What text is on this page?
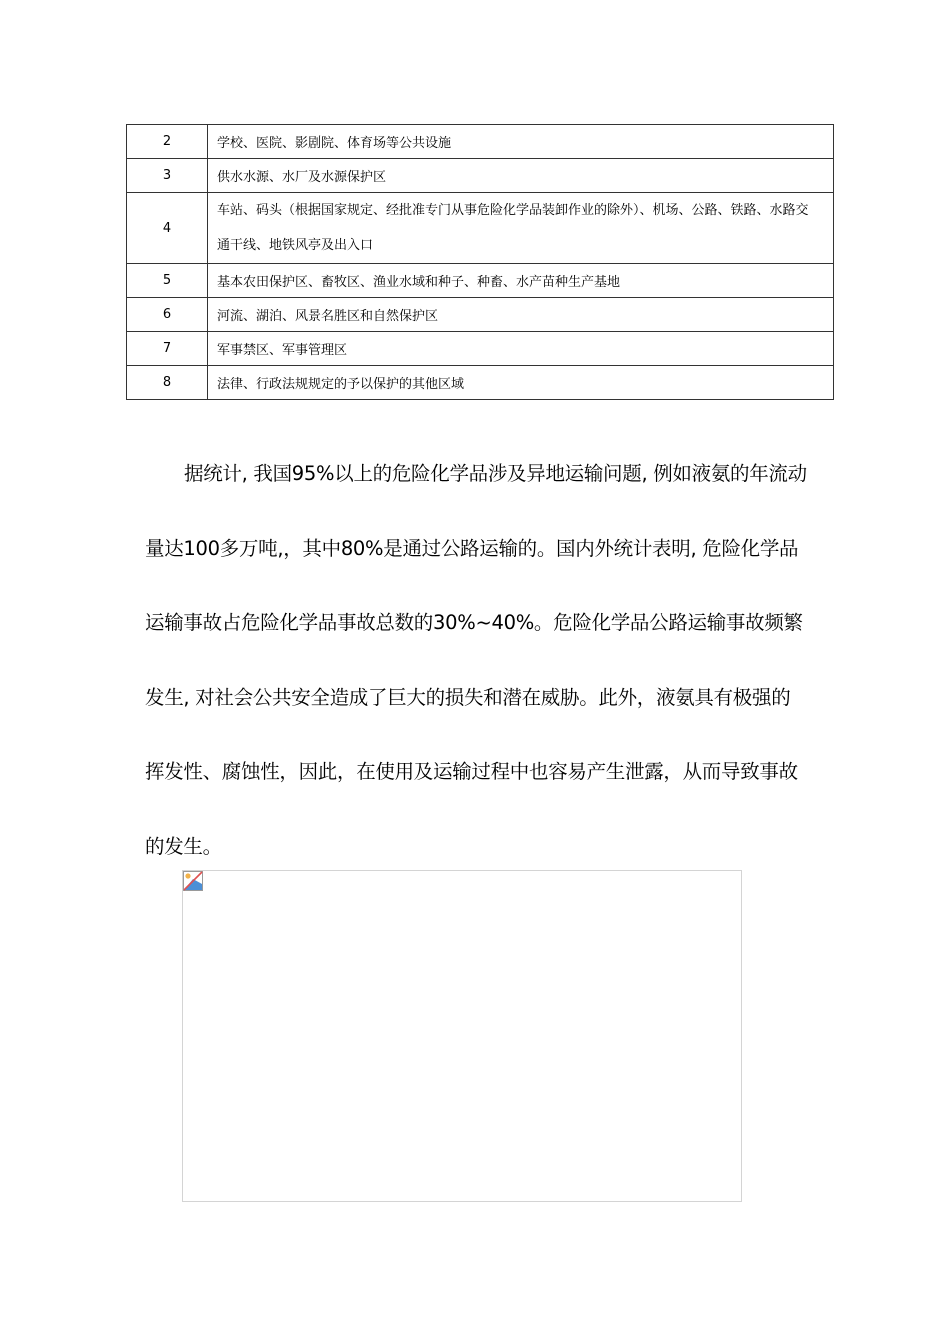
2	学校、医院、影剧院、体育场等公共设施
3	供水水源、水厂及水源保护区
4	车站、码头（根据国家规定、经批准专门从事危险化学品装卸作业的除外）、机场、公路、铁路、水路交通干线、地铁风亭及出入口
5	基本农田保护区、畜牧区、渔业水域和种子、种畜、水产苗种生产基地
6	河流、湖泊、风景名胜区和自然保护区
7	军事禁区、军事管理区
8	法律、行政法规规定的予以保护的其他区域

据统计, 我国95%以上的危险化学品涉及异地运输问题, 例如液氨的年流动量达100多万吨,，其中80%是通过公路运输的。国内外统计表明, 危险化学品运输事故占危险化学品事故总数的30%~40%。危险化学品公路运输事故频繁发生, 对社会公共安全造成了巨大的损失和潜在威胁。此外，液氨具有极强的挥发性、腐蚀性，因此，在使用及运输过程中也容易产生泄露，从而导致事故的发生。
